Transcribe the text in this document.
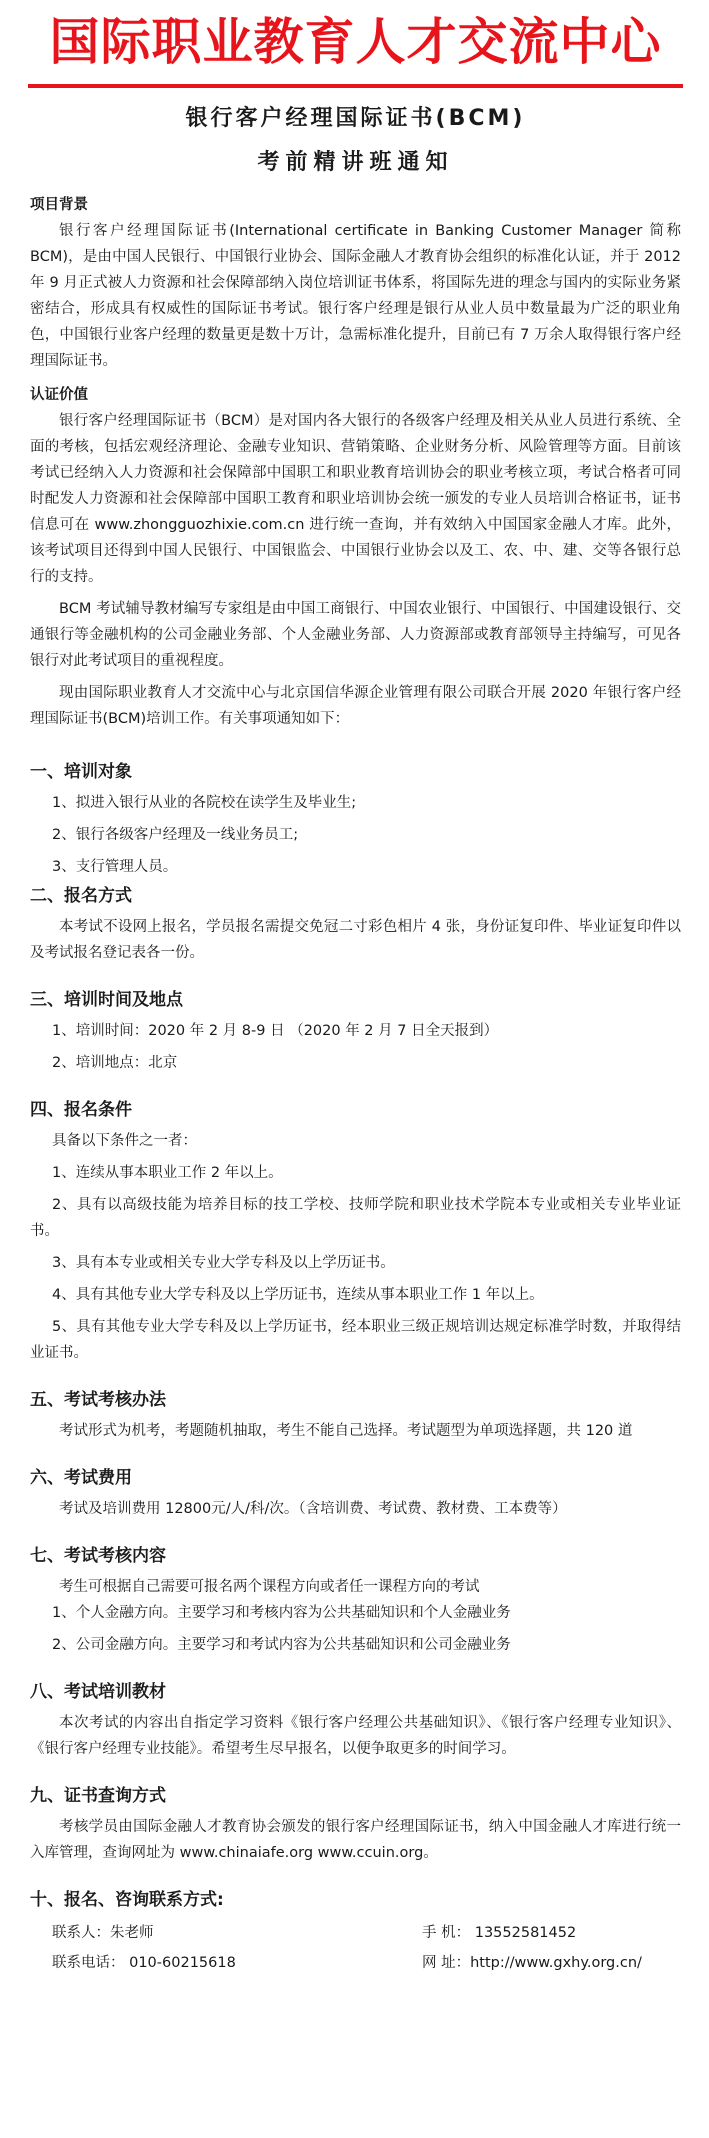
国际职业教育人才交流中心
银行客户经理国际证书(BCM)
考前精讲班通知
项目背景
银行客户经理国际证书(International certificate in Banking Customer Manager 简称 BCM)，是由中国人民银行、中国银行业协会、国际金融人才教育协会组织的标准化认证，并于 2012 年 9 月正式被人力资源和社会保障部纳入岗位培训证书体系，将国际先进的理念与国内的实际业务紧密结合，形成具有权威性的国际证书考试。银行客户经理是银行从业人员中数量最为广泛的职业角色，中国银行业客户经理的数量更是数十万计，急需标准化提升，目前已有 7 万余人取得银行客户经理国际证书。
认证价值
银行客户经理国际证书（BCM）是对国内各大银行的各级客户经理及相关从业人员进行系统、全面的考核，包括宏观经济理论、金融专业知识、营销策略、企业财务分析、风险管理等方面。目前该考试已经纳入人力资源和社会保障部中国职工和职业教育培训协会的职业考核立项，考试合格者可同时配发人力资源和社会保障部中国职工教育和职业培训协会统一颁发的专业人员培训合格证书，证书信息可在 www.zhongguozhixie.com.cn 进行统一查询，并有效纳入中国国家金融人才库。此外，该考试项目还得到中国人民银行、中国银监会、中国银行业协会以及工、农、中、建、交等各银行总行的支持。
BCM 考试辅导教材编写专家组是由中国工商银行、中国农业银行、中国银行、中国建设银行、交通银行等金融机构的公司金融业务部、个人金融业务部、人力资源部或教育部领导主持编写，可见各银行对此考试项目的重视程度。
现由国际职业教育人才交流中心与北京国信华源企业管理有限公司联合开展 2020 年银行客户经理国际证书(BCM)培训工作。有关事项通知如下：
一、培训对象
1、拟进入银行从业的各院校在读学生及毕业生;
2、银行各级客户经理及一线业务员工;
3、支行管理人员。
二、报名方式
本考试不设网上报名，学员报名需提交免冠二寸彩色相片 4 张，身份证复印件、毕业证复印件以及考试报名登记表各一份。
三、培训时间及地点
1、培训时间：2020 年 2 月 8-9 日 （2020 年 2 月 7 日全天报到）
2、培训地点：北京
四、报名条件
具备以下条件之一者：
1、连续从事本职业工作 2 年以上。
2、具有以高级技能为培养目标的技工学校、技师学院和职业技术学院本专业或相关专业毕业证书。
3、具有本专业或相关专业大学专科及以上学历证书。
4、具有其他专业大学专科及以上学历证书，连续从事本职业工作 1 年以上。
5、具有其他专业大学专科及以上学历证书，经本职业三级正规培训达规定标准学时数，并取得结业证书。
五、考试考核办法
考试形式为机考，考题随机抽取，考生不能自己选择。考试题型为单项选择题，共 120 道
六、考试费用
考试及培训费用 12800元/人/科/次。（含培训费、考试费、教材费、工本费等）
七、考试考核内容
考生可根据自己需要可报名两个课程方向或者任一课程方向的考试
1、个人金融方向。主要学习和考核内容为公共基础知识和个人金融业务
2、公司金融方向。主要学习和考试内容为公共基础知识和公司金融业务
八、考试培训教材
本次考试的内容出自指定学习资料《银行客户经理公共基础知识》、《银行客户经理专业知识》、《银行客户经理专业技能》。希望考生尽早报名，以便争取更多的时间学习。
九、证书查询方式
考核学员由国际金融人才教育协会颁发的银行客户经理国际证书，纳入中国金融人才库进行统一入库管理，查询网址为 www.chinaiafe.org www.ccuin.org。
十、报名、咨询联系方式:
联系人：朱老师	手 机： 13552581452
联系电话： 010-60215618	网 址：http://www.gxhy.org.cn/
